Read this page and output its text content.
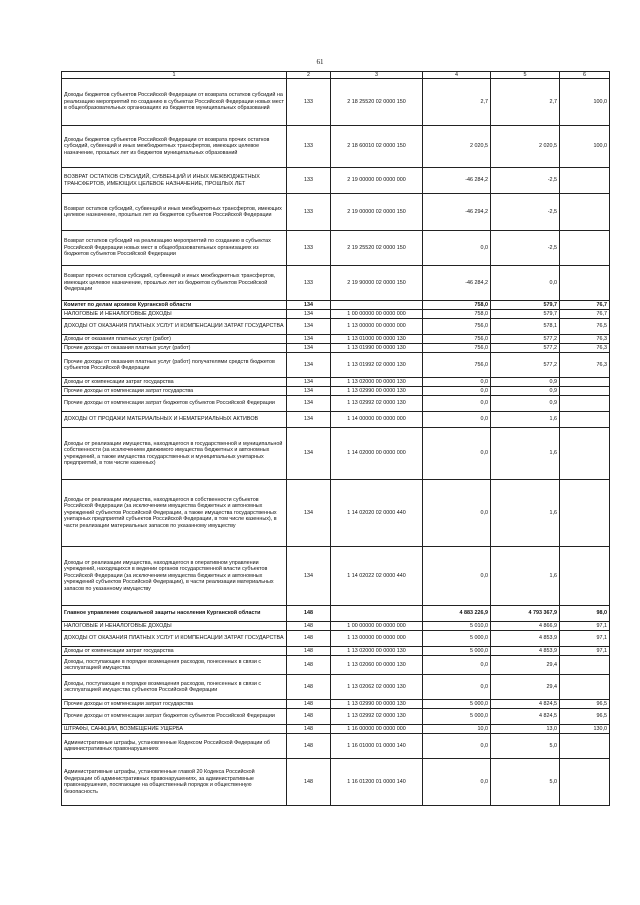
61
1	2	3	4	5	6
Доходы бюджетов субъектов Российской Федерации от возврата остатков субсидий на реализацию мероприятий по созданию в субъектах Российской Федерации новых мест в общеобразовательных организациях из бюджетов муниципальных образований	133	2 18 25520 02 0000 150	2,7	2,7	100,0
Доходы бюджетов субъектов Российской Федерации от возврата прочих остатков субсидий, субвенций и иных межбюджетных трансфертов, имеющих целевое назначение, прошлых лет из бюджетов муниципальных образований	133	2 18 60010 02 0000 150	2 020,5	2 020,5	100,0
ВОЗВРАТ ОСТАТКОВ СУБСИДИЙ, СУБВЕНЦИЙ И ИНЫХ МЕЖБЮДЖЕТНЫХ ТРАНСФЕРТОВ, ИМЕЮЩИХ ЦЕЛЕВОЕ НАЗНАЧЕНИЕ, ПРОШЛЫХ ЛЕТ	133	2 19 00000 00 0000 000	-46 284,2	-2,5	
Возврат остатков субсидий, субвенций и иных межбюджетных трансфертов, имеющих целевое назначение, прошлых лет из бюджетов субъектов Российской Федерации	133	2 19 00000 02 0000 150	-46 294,2	-2,5	
Возврат остатков субсидий на реализацию мероприятий по созданию в субъектах Российской Федерации новых мест в общеобразовательных организациях из бюджетов субъектов Российской Федерации	133	2 19 25520 02 0000 150	0,0	-2,5	
Возврат прочих остатков субсидий, субвенций и иных межбюджетных трансфертов, имеющих целевое назначение, прошлых лет из бюджетов субъектов Российской Федерации	133	2 19 90000 02 0000 150	-46 284,2	0,0	
Комитет по делам архивов Курганской области	134		758,0	579,7	76,7
НАЛОГОВЫЕ И НЕНАЛОГОВЫЕ ДОХОДЫ	134	1 00 00000 00 0000 000	758,0	579,7	76,7
ДОХОДЫ ОТ ОКАЗАНИЯ ПЛАТНЫХ УСЛУГ И КОМПЕНСАЦИИ ЗАТРАТ ГОСУДАРСТВА	134	1 13 00000 00 0000 000	756,0	578,1	76,5
Доходы от оказания платных услуг (работ)	134	1 13 01000 00 0000 130	756,0	577,2	76,3
Прочие доходы от оказания платных услуг (работ)	134	1 13 01990 00 0000 130	756,0	577,2	76,3
Прочие доходы от оказания платных услуг (работ) получателями средств бюджетов субъектов Российской Федерации	134	1 13 01992 02 0000 130	756,0	577,2	76,3
Доходы от компенсации затрат государства	134	1 13 02000 00 0000 130	0,0	0,9	
Прочие доходы от компенсации затрат государства	134	1 13 02990 00 0000 130	0,0	0,9	
Прочие доходы от компенсации затрат бюджетов субъектов Российской Федерации	134	1 13 02992 02 0000 130	0,0	0,9	
ДОХОДЫ ОТ ПРОДАЖИ МАТЕРИАЛЬНЫХ И НЕМАТЕРИАЛЬНЫХ АКТИВОВ	134	1 14 00000 00 0000 000	0,0	1,6	
Доходы от реализации имущества, находящегося в государственной и муниципальной собственности (за исключением движимого имущества бюджетных и автономных учреждений, а также имущества государственных и муниципальных унитарных предприятий, в том числе казенных)	134	1 14 02000 00 0000 000	0,0	1,6	
Доходы от реализации имущества, находящегося в собственности субъектов Российской Федерации (за исключением имущества бюджетных и автономных учреждений субъектов Российской Федерации, а также имущества государственных унитарных предприятий субъектов Российской Федерации, в том числе казенных), в части реализации материальных запасов по указанному имуществу	134	1 14 02020 02 0000 440	0,0	1,6	
Доходы от реализации имущества, находящегося в оперативном управлении учреждений, находящихся в ведении органов государственной власти субъектов Российской Федерации (за исключением имущества бюджетных и автономных учреждений субъектов Российской Федерации), в части реализации материальных запасов по указанному имуществу	134	1 14 02022 02 0000 440	0,0	1,6	
Главное управление социальной защиты населения Курганской области	148		4 883 226,9	4 793 367,9	98,0
НАЛОГОВЫЕ И НЕНАЛОГОВЫЕ ДОХОДЫ	148	1 00 00000 00 0000 000	5 010,0	4 866,9	97,1
ДОХОДЫ ОТ ОКАЗАНИЯ ПЛАТНЫХ УСЛУГ И КОМПЕНСАЦИИ ЗАТРАТ ГОСУДАРСТВА	148	1 13 00000 00 0000 000	5 000,0	4 853,9	97,1
Доходы от компенсации затрат государства	148	1 13 02000 00 0000 130	5 000,0	4 853,9	97,1
Доходы, поступающие в порядке возмещения расходов, понесенных в связи с эксплуатацией имущества	148	1 13 02060 00 0000 130	0,0	29,4	
Доходы, поступающие в порядке возмещения расходов, понесенных в связи с эксплуатацией имущества субъектов Российской Федерации	148	1 13 02062 02 0000 130	0,0	29,4	
Прочие доходы от компенсации затрат государства	148	1 13 02990 00 0000 130	5 000,0	4 824,5	96,5
Прочие доходы от компенсации затрат бюджетов субъектов Российской Федерации	148	1 13 02992 02 0000 130	5 000,0	4 824,5	96,5
ШТРАФЫ, САНКЦИИ, ВОЗМЕЩЕНИЕ УЩЕРБА	148	1 16 00000 00 0000 000	10,0	13,0	130,0
Административные штрафы, установленные Кодексом Российской Федерации об административных правонарушениях	148	1 16 01000 01 0000 140	0,0	5,0	
Административные штрафы, установленные главой 20 Кодекса Российской Федерации об административных правонарушениях, за административные правонарушения, посягающие на общественный порядок и общественную безопасность	148	1 16 01200 01 0000 140	0,0	5,0	
